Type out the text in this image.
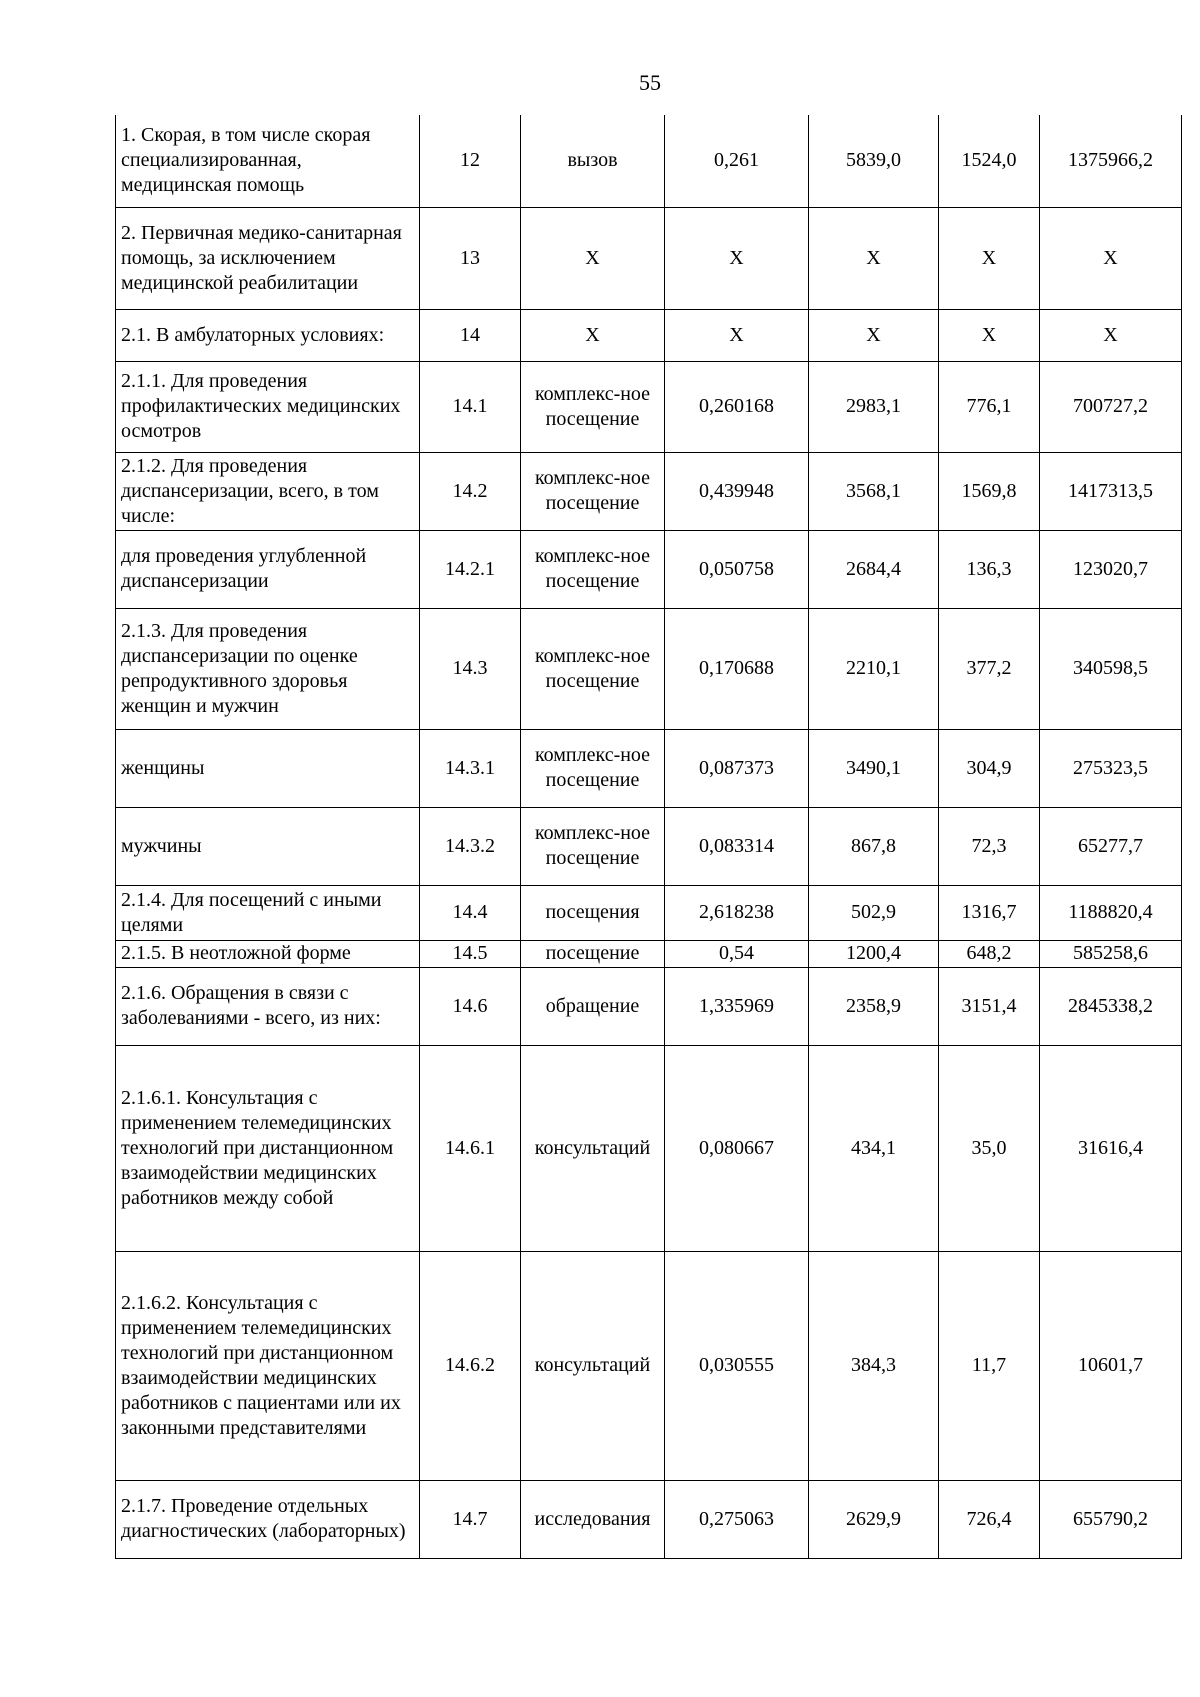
55
1. Скорая, в том числе скорая специализированная, медицинская помощь	12	вызов	0,261	5839,0	1524,0	1375966,2
2. Первичная медико-санитарная помощь, за исключением медицинской реабилитации	13	X	X	X	X	X
2.1. В амбулаторных условиях:	14	X	X	X	X	X
2.1.1. Для проведения профилактических медицинских осмотров	14.1	комплекс-ное посещение	0,260168	2983,1	776,1	700727,2
2.1.2. Для проведения диспансеризации, всего, в том числе:	14.2	комплекс-ное посещение	0,439948	3568,1	1569,8	1417313,5
для проведения углубленной диспансеризации	14.2.1	комплекс-ное посещение	0,050758	2684,4	136,3	123020,7
2.1.3. Для проведения диспансеризации по оценке репродуктивного здоровья женщин и мужчин	14.3	комплекс-ное посещение	0,170688	2210,1	377,2	340598,5
женщины	14.3.1	комплекс-ное посещение	0,087373	3490,1	304,9	275323,5
мужчины	14.3.2	комплекс-ное посещение	0,083314	867,8	72,3	65277,7
2.1.4. Для посещений с иными целями	14.4	посещения	2,618238	502,9	1316,7	1188820,4
2.1.5. В неотложной форме	14.5	посещение	0,54	1200,4	648,2	585258,6
2.1.6. Обращения в связи с заболеваниями - всего, из них:	14.6	обращение	1,335969	2358,9	3151,4	2845338,2
2.1.6.1. Консультация с применением телемедицинских технологий при дистанционном взаимодействии медицинских работников между собой	14.6.1	консультаций	0,080667	434,1	35,0	31616,4
2.1.6.2. Консультация с применением телемедицинских технологий при дистанционном взаимодействии медицинских работников с пациентами или их законными представителями	14.6.2	консультаций	0,030555	384,3	11,7	10601,7
2.1.7. Проведение отдельных диагностических (лабораторных)	14.7	исследования	0,275063	2629,9	726,4	655790,2
